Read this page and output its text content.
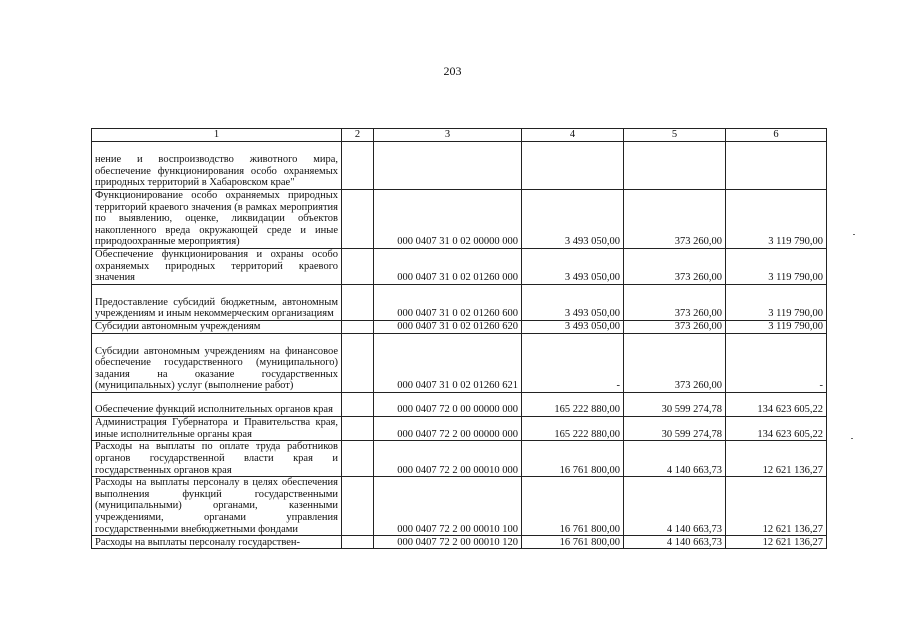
203
1	2	3	4	5	6
нение и воспроизводство животного мира, обеспечение функционирования особо охраняемых природных территорий в Хабаровском крае"					
Функционирование особо охраняемых природных территорий краевого значения (в рамках мероприятия по выявлению, оценке, ликвидации объектов накопленного вреда окружающей среде и иные природоохранные мероприятия)		000 0407 31 0 02 00000 000	3 493 050,00	373 260,00	3 119 790,00
Обеспечение функционирования и охраны особо охраняемых природных территорий краевого значения		000 0407 31 0 02 01260 000	3 493 050,00	373 260,00	3 119 790,00
Предоставление субсидий бюджетным, автономным учреждениям и иным некоммерческим организациям		000 0407 31 0 02 01260 600	3 493 050,00	373 260,00	3 119 790,00
Субсидии автономным учреждениям		000 0407 31 0 02 01260 620	3 493 050,00	373 260,00	3 119 790,00
Субсидии автономным учреждениям на финансовое обеспечение государственного (муниципального) задания на оказание государственных (муниципальных) услуг (выполнение работ)		000 0407 31 0 02 01260 621	-	373 260,00	-
Обеспечение функций исполнительных органов края		000 0407 72 0 00 00000 000	165 222 880,00	30 599 274,78	134 623 605,22
Администрация Губернатора и Правительства края, иные исполнительные органы края		000 0407 72 2 00 00000 000	165 222 880,00	30 599 274,78	134 623 605,22
Расходы на выплаты по оплате труда работников органов государственной власти края и государственных органов края		000 0407 72 2 00 00010 000	16 761 800,00	4 140 663,73	12 621 136,27
Расходы на выплаты персоналу в целях обеспечения выполнения функций государственными (муниципальными) органами, казенными учреждениями, органами управления государственными внебюджетными фондами		000 0407 72 2 00 00010 100	16 761 800,00	4 140 663,73	12 621 136,27
Расходы на выплаты персоналу государствен-		000 0407 72 2 00 00010 120	16 761 800,00	4 140 663,73	12 621 136,27
